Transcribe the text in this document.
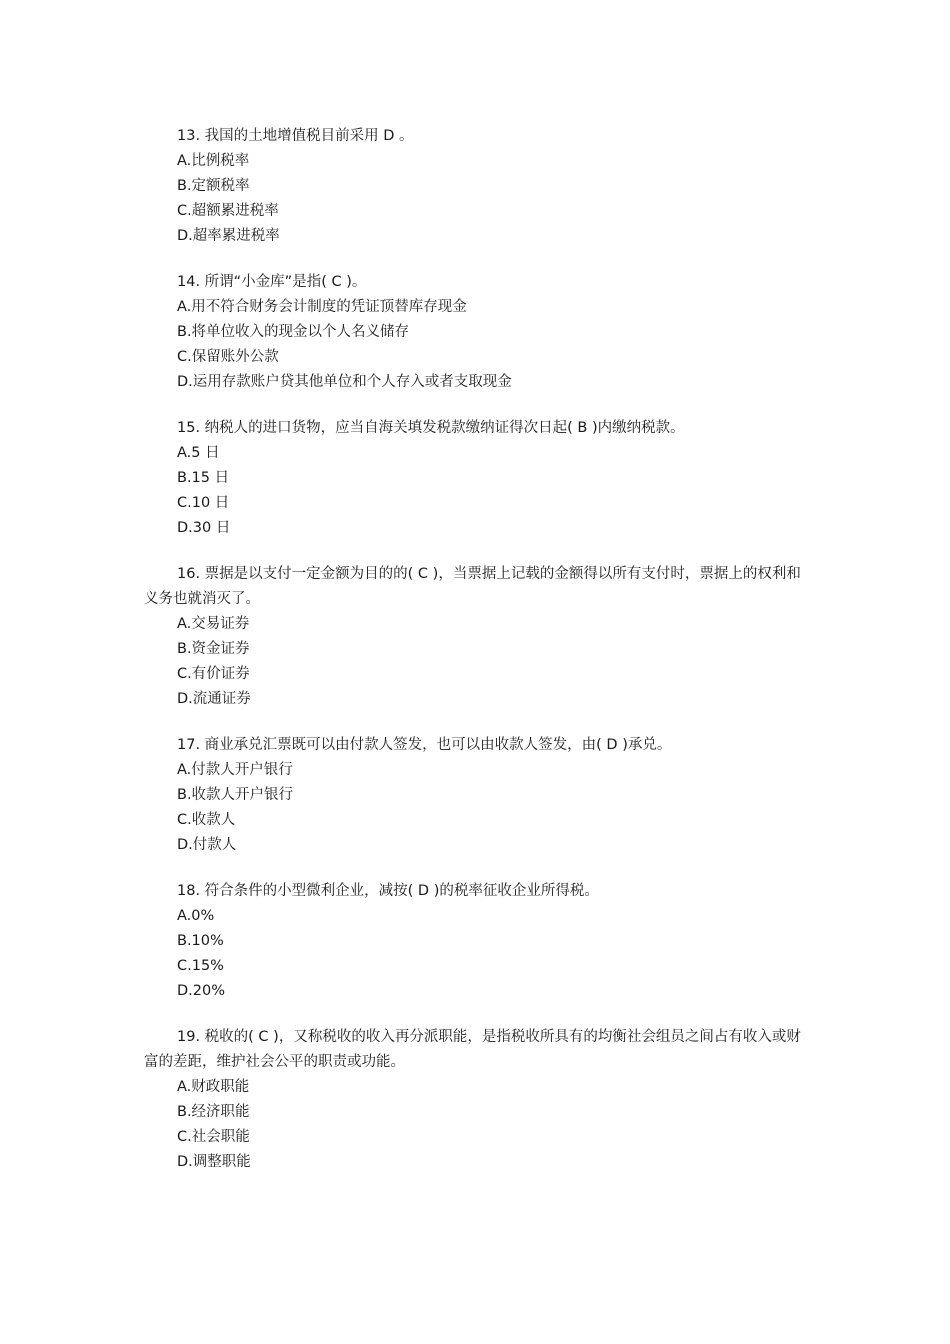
13. 我国的土地增值税目前采用 D 。

A.比例税率
B.定额税率
C.超额累进税率
D.超率累进税率

14. 所谓“小金库”是指( C )。

A.用不符合财务会计制度的凭证顶替库存现金
B.将单位收入的现金以个人名义储存
C.保留账外公款
D.运用存款账户贷其他单位和个人存入或者支取现金

15. 纳税人的进口货物，应当自海关填发税款缴纳证得次日起( B )内缴纳税款。

A.5 日
B.15 日
C.10 日
D.30 日

16. 票据是以支付一定金额为目的的( C )，当票据上记载的金额得以所有支付时，票据上的权利和义务也就消灭了。

A.交易证券
B.资金证券
C.有价证券
D.流通证券

17. 商业承兑汇票既可以由付款人签发，也可以由收款人签发，由( D )承兑。

A.付款人开户银行
B.收款人开户银行
C.收款人
D.付款人

18. 符合条件的小型微利企业，减按( D )的税率征收企业所得税。

A.0%
B.10%
C.15%
D.20%

19. 税收的( C )，又称税收的收入再分派职能，是指税收所具有的均衡社会组员之间占有收入或财富的差距，维护社会公平的职责或功能。

A.财政职能
B.经济职能
C.社会职能
D.调整职能
